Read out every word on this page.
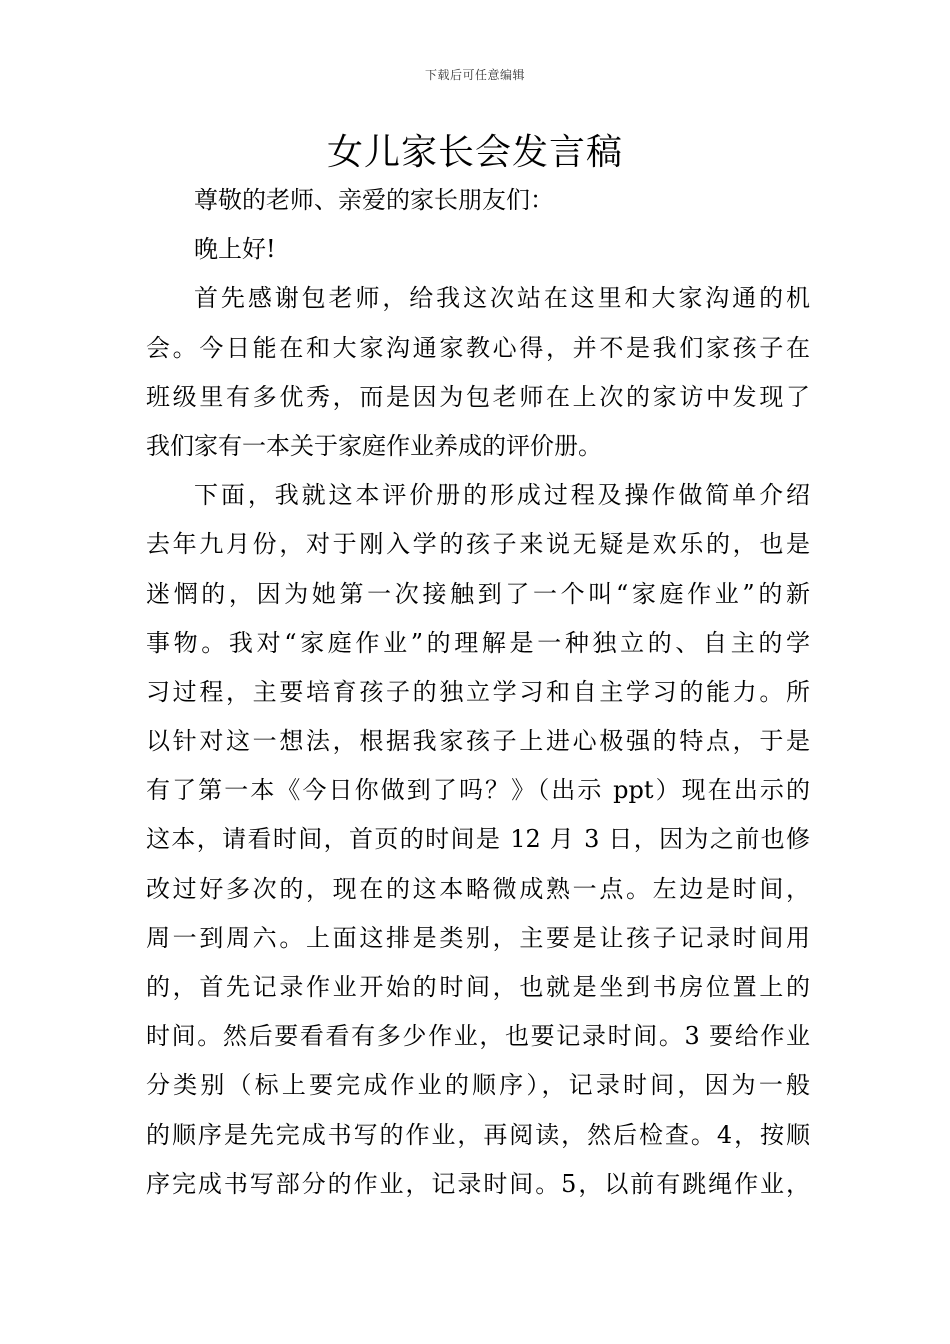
下载后可任意编辑
女儿家长会发言稿
尊敬的老师、亲爱的家长朋友们：
晚上好!
首先感谢包老师，给我这次站在这里和大家沟通的机
会。今日能在和大家沟通家教心得，并不是我们家孩子在
班级里有多优秀，而是因为包老师在上次的家访中发现了
我们家有一本关于家庭作业养成的评价册。
下面，我就这本评价册的形成过程及操作做简单介绍
去年九月份，对于刚入学的孩子来说无疑是欢乐的，也是
迷惘的，因为她第一次接触到了一个叫“家庭作业”的新
事物。我对“家庭作业”的理解是一种独立的、自主的学
习过程，主要培育孩子的独立学习和自主学习的能力。所
以针对这一想法，根据我家孩子上进心极强的特点，于是
有了第一本《今日你做到了吗？》（出示 ppt）现在出示的
这本，请看时间，首页的时间是 12 月 3 日，因为之前也修
改过好多次的，现在的这本略微成熟一点。左边是时间，
周一到周六。上面这排是类别，主要是让孩子记录时间用
的，首先记录作业开始的时间，也就是坐到书房位置上的
时间。然后要看看有多少作业，也要记录时间。3 要给作业
分类别（标上要完成作业的顺序），记录时间，因为一般
的顺序是先完成书写的作业，再阅读，然后检查。4，按顺
序完成书写部分的作业，记录时间。5，以前有跳绳作业，
